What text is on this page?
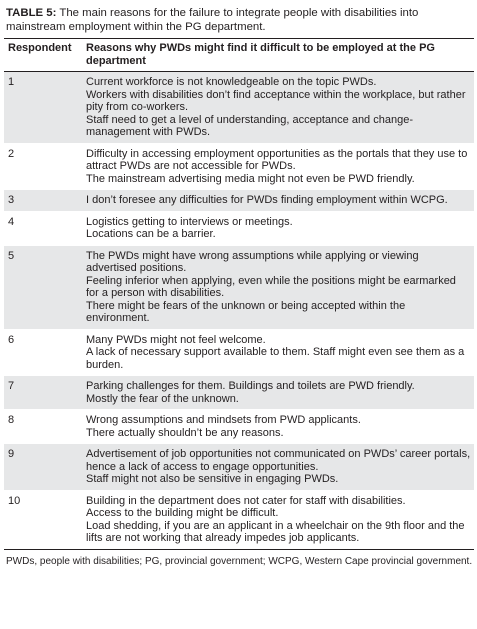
TABLE 5: The main reasons for the failure to integrate people with disabilities into mainstream employment within the PG department.
Respondent	Reasons why PWDs might find it difficult to be employed at the PG department
1	Current workforce is not knowledgeable on the topic PWDs.
Workers with disabilities don’t find acceptance within the workplace, but rather pity from co-workers.
Staff need to get a level of understanding, acceptance and change-management with PWDs.

2	Difficulty in accessing employment opportunities as the portals that they use to attract PWDs are not accessible for PWDs.
The mainstream advertising media might not even be PWD friendly.

3	I don’t foresee any difficulties for PWDs finding employment within WCPG.

4	Logistics getting to interviews or meetings.
Locations can be a barrier.

5	The PWDs might have wrong assumptions while applying or viewing advertised positions.
Feeling inferior when applying, even while the positions might be earmarked for a person with disabilities.
There might be fears of the unknown or being accepted within the environment.

6	Many PWDs might not feel welcome.
A lack of necessary support available to them. Staff might even see them as a burden.

7	Parking challenges for them. Buildings and toilets are PWD friendly.
Mostly the fear of the unknown.

8	Wrong assumptions and mindsets from PWD applicants.
There actually shouldn’t be any reasons.

9	Advertisement of job opportunities not communicated on PWDs’ career portals, hence a lack of access to engage opportunities.
Staff might not also be sensitive in engaging PWDs.

10	Building in the department does not cater for staff with disabilities.
Access to the building might be difficult.
Load shedding, if you are an applicant in a wheelchair on the 9th floor and the lifts are not working that already impedes job applicants.
PWDs, people with disabilities; PG, provincial government; WCPG, Western Cape provincial government.
